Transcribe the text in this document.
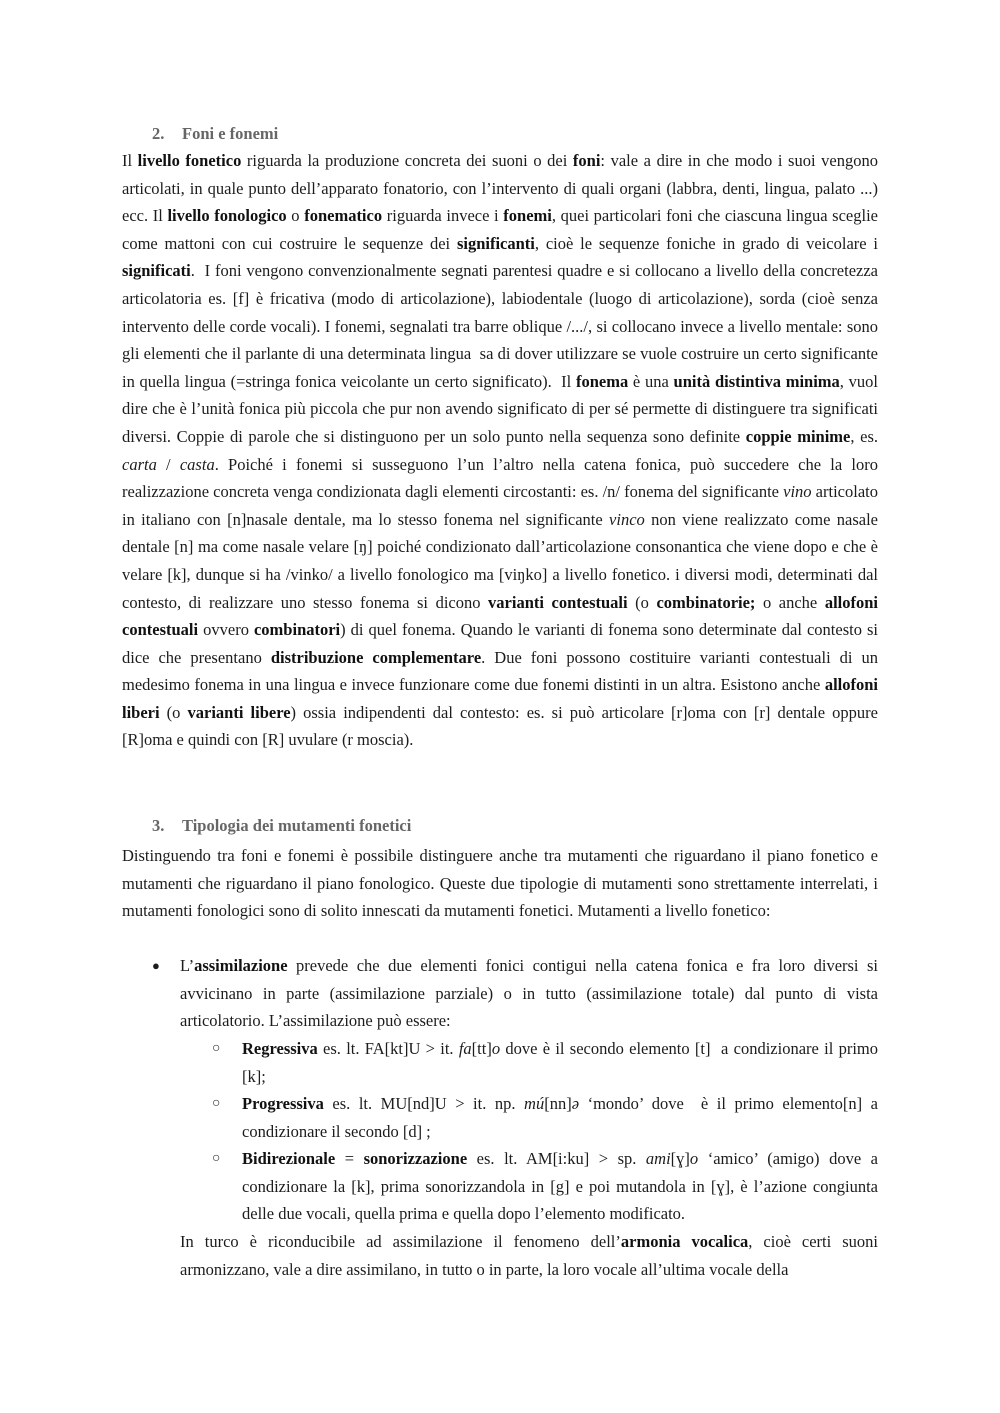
2. Foni e fonemi

Il livello fonetico riguarda la produzione concreta dei suoni o dei foni: vale a dire in che modo i suoi vengono articolati, in quale punto dell’apparato fonatorio, con l’intervento di quali organi (labbra, denti, lingua, palato ...) ecc. Il livello fonologico o fonematico riguarda invece i fonemi, quei particolari foni che ciascuna lingua sceglie come mattoni con cui costruire le sequenze dei significanti, cioè le sequenze foniche in grado di veicolare i significati.  I foni vengono convenzionalmente segnati parentesi quadre e si collocano a livello della concretezza articolatoria es. [f] è fricativa (modo di articolazione), labiodentale (luogo di articolazione), sorda (cioè senza intervento delle corde vocali). I fonemi, segnalati tra barre oblique /.../, si collocano invece a livello mentale: sono gli elementi che il parlante di una determinata lingua  sa di dover utilizzare se vuole costruire un certo significante in quella lingua (=stringa fonica veicolante un certo significato).  Il fonema è una unità distintiva minima, vuol dire che è l’unità fonica più piccola che pur non avendo significato di per sé permette di distinguere tra significati diversi. Coppie di parole che si distinguono per un solo punto nella sequenza sono definite coppie minime, es. carta / casta. Poiché i fonemi si susseguono l’un l’altro nella catena fonica, può succedere che la loro realizzazione concreta venga condizionata dagli elementi circostanti: es. /n/ fonema del significante vino articolato in italiano con [n]nasale dentale, ma lo stesso fonema nel significante vinco non viene realizzato come nasale dentale [n] ma come nasale velare [ŋ] poiché condizionato dall’articolazione consonantica che viene dopo e che è velare [k], dunque si ha /vinko/ a livello fonologico ma [viŋko] a livello fonetico. i diversi modi, determinati dal contesto, di realizzare uno stesso fonema si dicono varianti contestuali (o combinatorie; o anche allofoni contestuali ovvero combinatori) di quel fonema. Quando le varianti di fonema sono determinate dal contesto si dice che presentano distribuzione complementare. Due foni possono costituire varianti contestuali di un medesimo fonema in una lingua e invece funzionare come due fonemi distinti in un altra. Esistono anche allofoni liberi (o varianti libere) ossia indipendenti dal contesto: es. si può articolare [r]oma con [r] dentale oppure [R]oma e quindi con [R] uvulare (r moscia).

3. Tipologia dei mutamenti fonetici

Distinguendo tra foni e fonemi è possibile distinguere anche tra mutamenti che riguardano il piano fonetico e mutamenti che riguardano il piano fonologico. Queste due tipologie di mutamenti sono strettamente interrelati, i mutamenti fonologici sono di solito innescati da mutamenti fonetici. Mutamenti a livello fonetico:

● L’assimilazione prevede che due elementi fonici contigui nella catena fonica e fra loro diversi si avvicinano in parte (assimilazione parziale) o in tutto (assimilazione totale) dal punto di vista articolatorio. L’assimilazione può essere:

○ Regressiva es. lt. FA[kt]U > it. fa[tt]o dove è il secondo elemento [t]  a condizionare il primo [k];

○ Progressiva es. lt. MU[nd]U > it. np. mú[nn]ə ‘mondo’ dove  è il primo elemento[n] a condizionare il secondo [d] ;

○ Bidirezionale = sonorizzazione es. lt. AM[i:ku] > sp. ami[ɣ]o ‘amico’ (amigo) dove a condizionare la [k], prima sonorizzandola in [g] e poi mutandola in [ɣ], è l’azione congiunta delle due vocali, quella prima e quella dopo l’elemento modificato.

In turco è riconducibile ad assimilazione il fenomeno dell’armonia vocalica, cioè certi suoni armonizzano, vale a dire assimilano, in tutto o in parte, la loro vocale all’ultima vocale della
